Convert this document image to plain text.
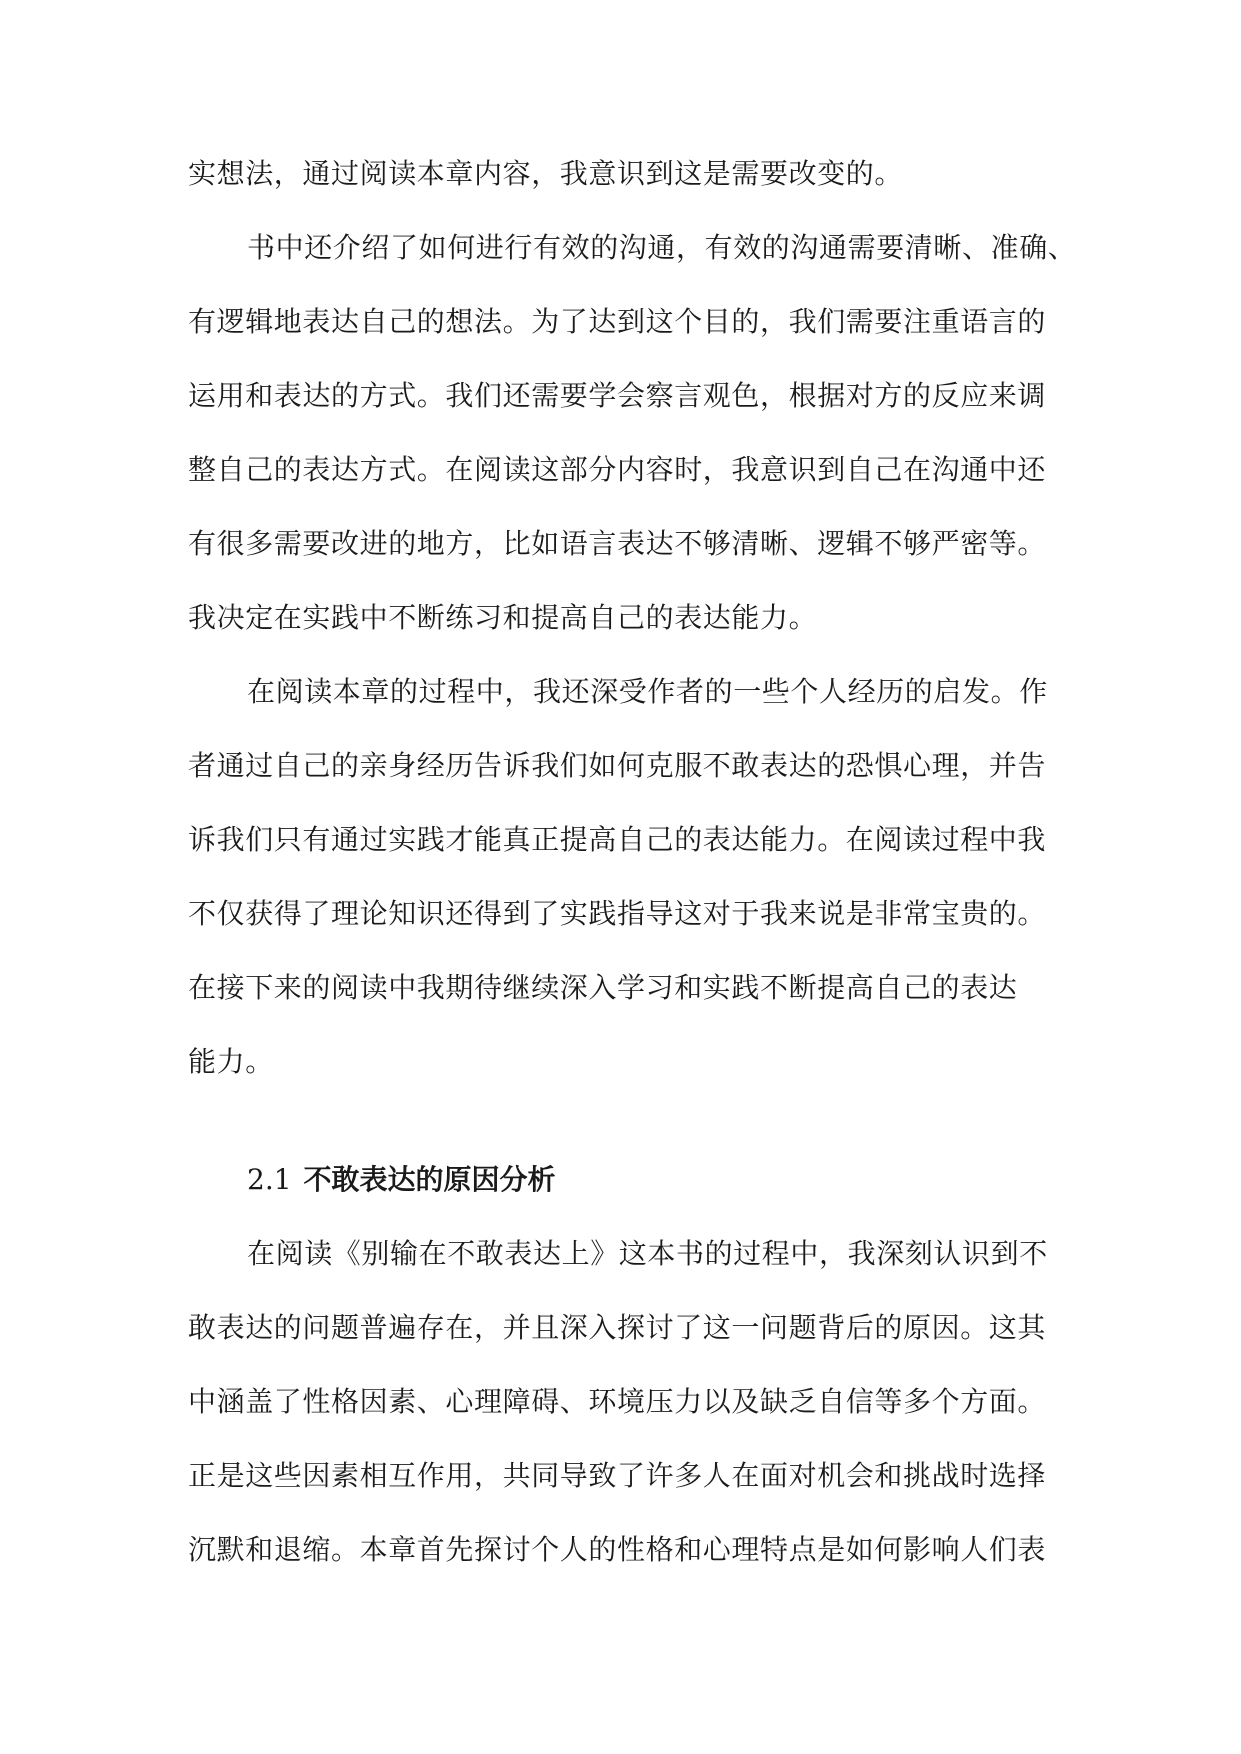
实想法，通过阅读本章内容，我意识到这是需要改变的。
书中还介绍了如何进行有效的沟通，有效的沟通需要清晰、准确、
有逻辑地表达自己的想法。为了达到这个目的，我们需要注重语言的
运用和表达的方式。我们还需要学会察言观色，根据对方的反应来调
整自己的表达方式。在阅读这部分内容时，我意识到自己在沟通中还
有很多需要改进的地方，比如语言表达不够清晰、逻辑不够严密等。
我决定在实践中不断练习和提高自己的表达能力。
在阅读本章的过程中，我还深受作者的一些个人经历的启发。作
者通过自己的亲身经历告诉我们如何克服不敢表达的恐惧心理，并告
诉我们只有通过实践才能真正提高自己的表达能力。在阅读过程中我
不仅获得了理论知识还得到了实践指导这对于我来说是非常宝贵的。
在接下来的阅读中我期待继续深入学习和实践不断提高自己的表达
能力。
2.1 不敢表达的原因分析
在阅读《别输在不敢表达上》这本书的过程中，我深刻认识到不
敢表达的问题普遍存在，并且深入探讨了这一问题背后的原因。这其
中涵盖了性格因素、心理障碍、环境压力以及缺乏自信等多个方面。
正是这些因素相互作用，共同导致了许多人在面对机会和挑战时选择
沉默和退缩。本章首先探讨个人的性格和心理特点是如何影响人们表
